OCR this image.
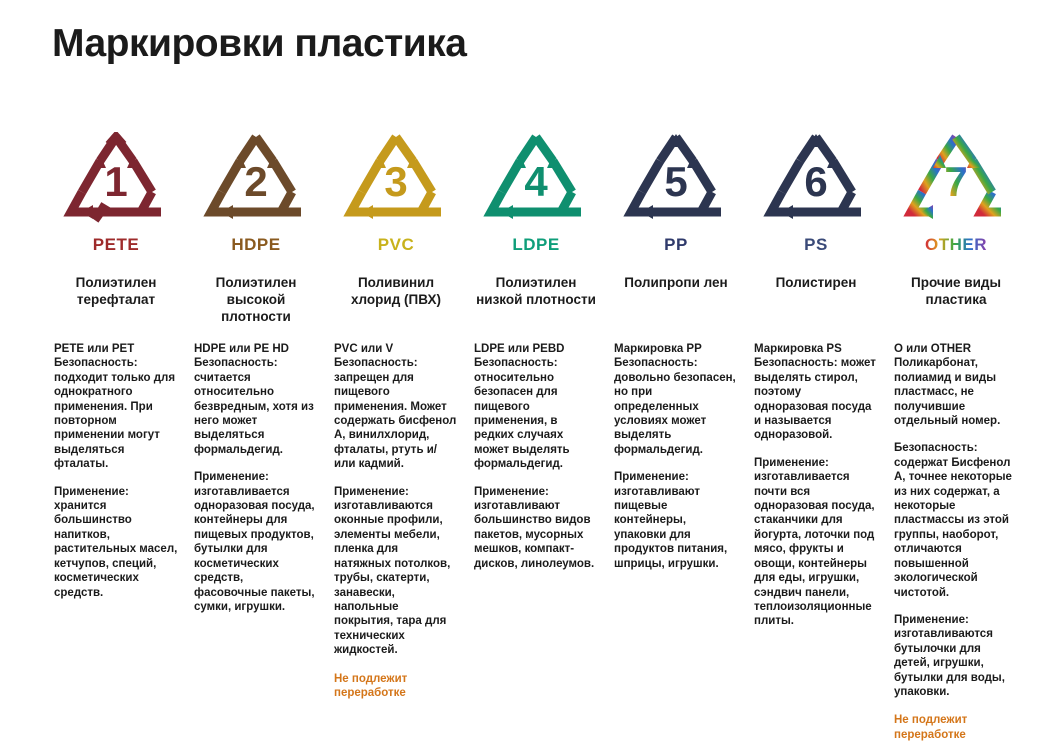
Маркировки пластика
1
PETE
Полиэтилен терефталат

PETE или PET Безопасность: подходит только для однократного применения. При повторном применении могут выделяться фталаты.

Применение: хранится большинство напитков, растительных масел, кетчупов, специй, косметических средств.

2
HDPE
Полиэтилен высокой плотности

HDPE или PE HD Безопасность: считается относительно безвредным, хотя из него может выделяться формальдегид.

Применение: изготавливается одноразовая посуда, контейнеры для пищевых продуктов, бутылки для косметических средств, фасовочные пакеты, сумки, игрушки.

3
PVC
Поливинил хлорид (ПВХ)

PVC или V Безопасность: запрещен для пищевого применения. Может содержать бисфенол А, винилхлорид, фталаты, ртуть и/или кадмий.

Применение: изготавливаются оконные профили, элементы мебели, пленка для натяжных потолков, трубы, скатерти, занавески, напольные покрытия, тара для технических жидкостей.

Не подлежит переработке
4
LDPE
Полиэтилен низкой плотности

LDPE или PEBD Безопасность: относительно безопасен для пищевого применения, в редких случаях может выделять формальдегид.

Применение: изготавливают большинство видов пакетов, мусорных мешков, компакт-дисков, линолеумов.

5
PP
Полипропи лен

Маркировка PP Безопасность: довольно безопасен, но при определенных условиях может выделять формальдегид.

Применение: изготавливают пищевые контейнеры, упаковки для продуктов питания, шприцы, игрушки.

6
PS
Полистирен

Маркировка PS Безопасность: может выделять стирол, поэтому одноразовая посуда и называется одноразовой.

Применение: изготавливается почти вся одноразовая посуда, стаканчики для йогурта, лоточки под мясо, фрукты и овощи, контейнеры для еды, игрушки, сэндвич панели, теплоизоляционные плиты.

7
OTHER
Прочие виды пластика

О или OTHER Поликарбонат, полиамид и виды пластмасс, не получившие отдельный номер.

Безопасность: содержат Бисфенол А, точнее некоторые из них содержат, а некоторые пластмассы из этой группы, наоборот, отличаются повышенной экологической чистотой.

Применение: изготавливаются бутылочки для детей, игрушки, бутылки для воды, упаковки.

Не подлежит переработке
